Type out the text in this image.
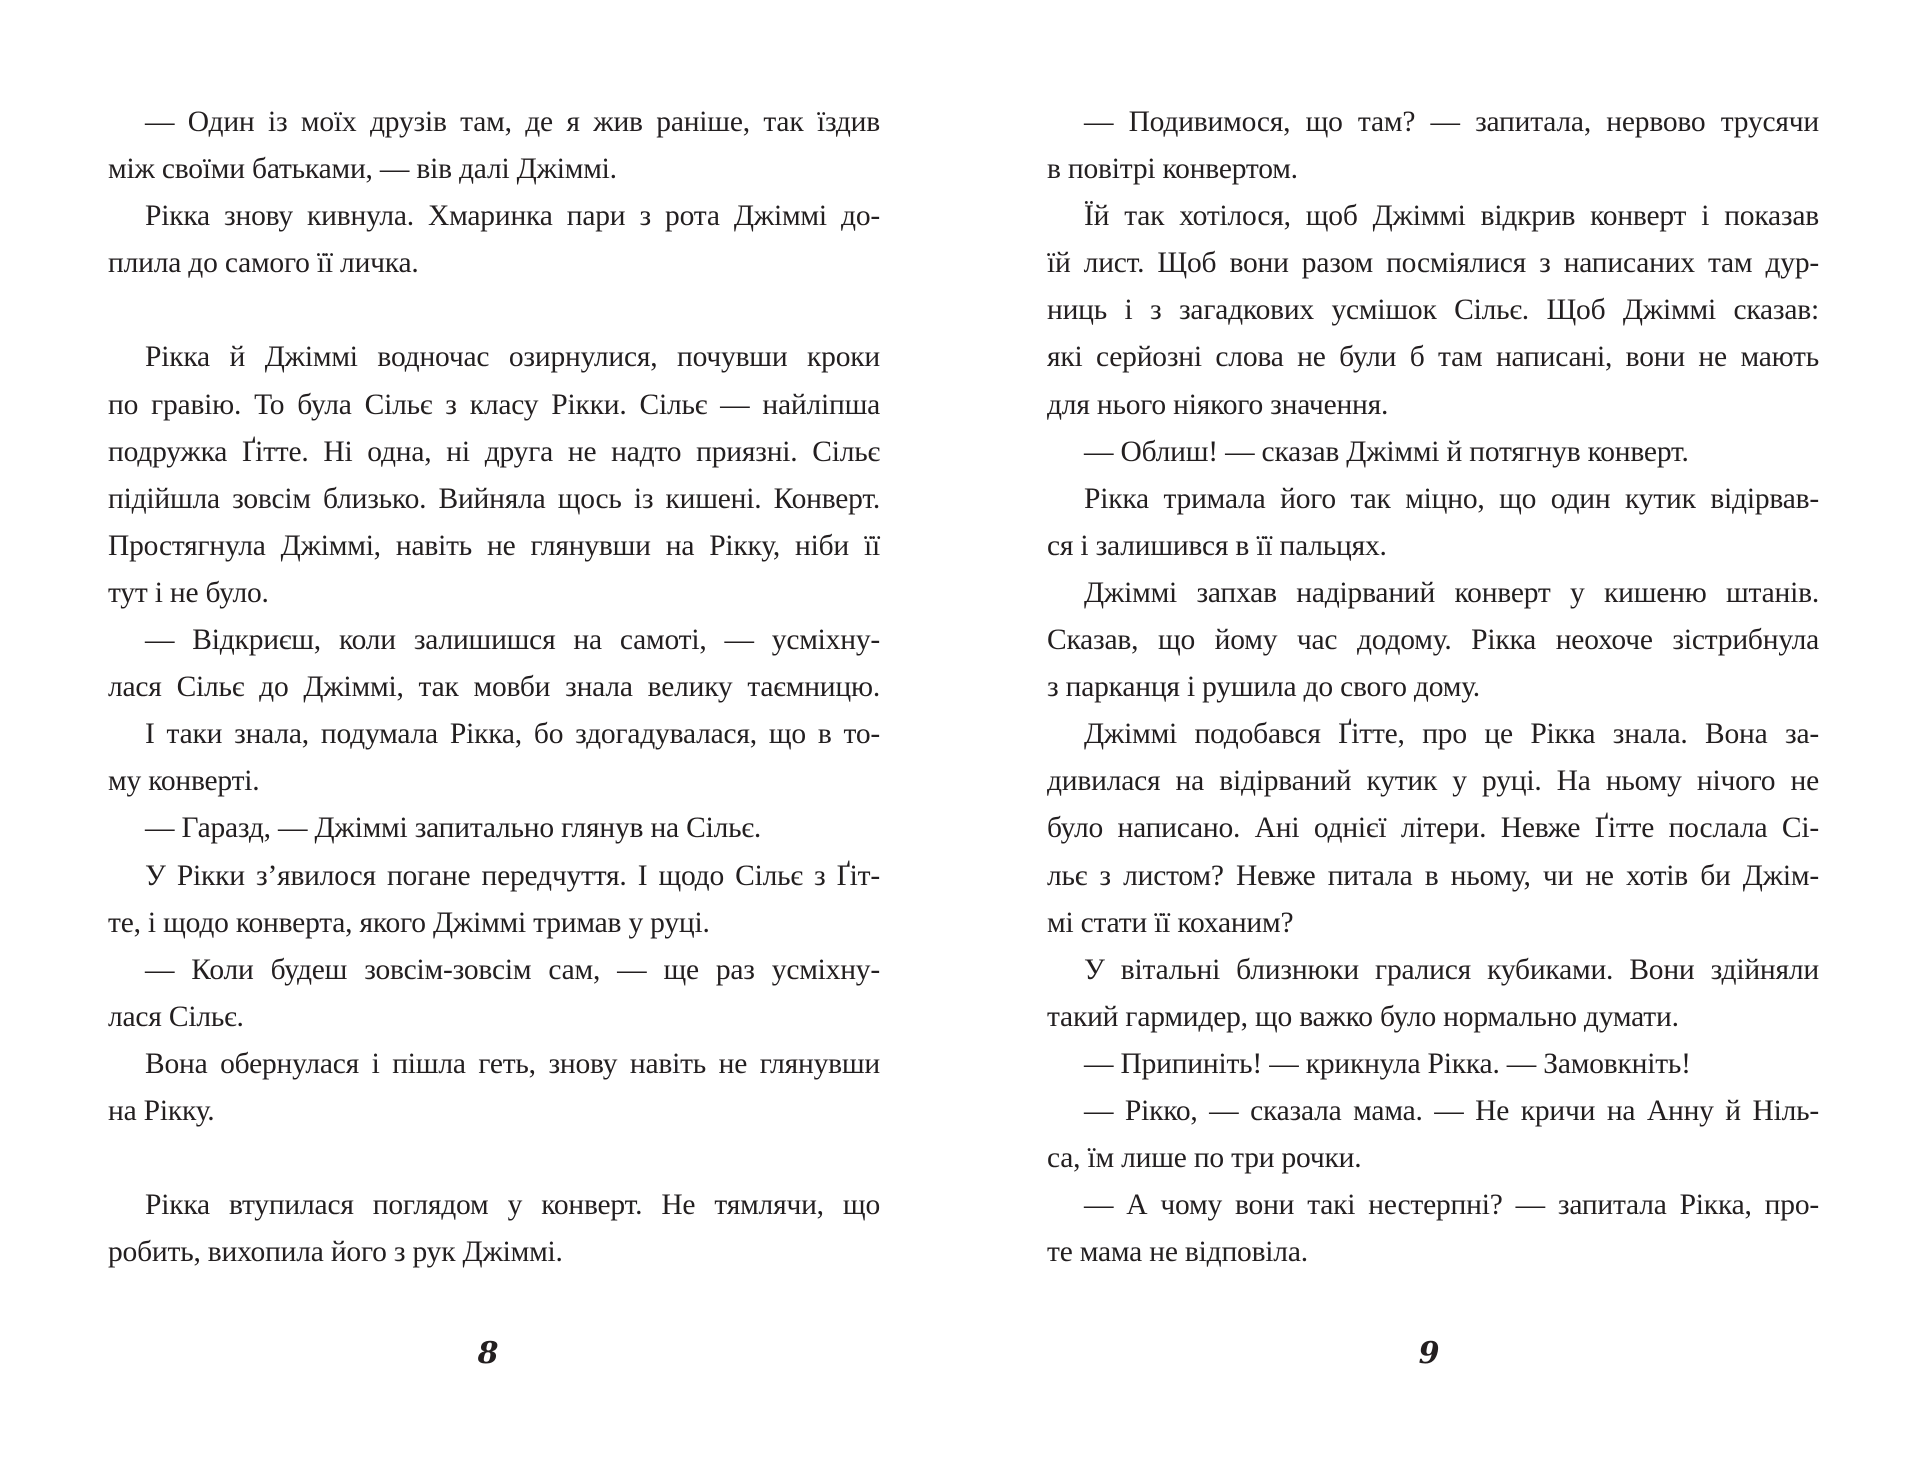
— Один із моїх друзів там, де я жив раніше, так їздив
між своїми батьками, — вів далі Джіммі.
Рікка знову кивнула. Хмаринка пари з рота Джіммі до-
плила до самого її личка.
Рікка й Джіммі водночас озирнулися, почувши кроки
по гравію. То була Сільє з класу Рікки. Сільє — найліпша
подружка Ґітте. Ні одна, ні друга не надто приязні. Сільє
підійшла зовсім близько. Вийняла щось із кишені. Конверт.
Простягнула Джіммі, навіть не глянувши на Рікку, ніби її
тут і не було.
— Відкриєш, коли залишишся на самоті, — усміхну-
лася Сільє до Джіммі, так мовби знала велику таємницю.
І таки знала, подумала Рікка, бо здогадувалася, що в то-
му конверті.
— Гаразд, — Джіммі запитально глянув на Сільє.
У Рікки з’явилося погане передчуття. І щодо Сільє з Ґіт-
те, і щодо конверта, якого Джіммі тримав у руці.
— Коли будеш зовсім-зовсім сам, — ще раз усміхну-
лася Сільє.
Вона обернулася і пішла геть, знову навіть не глянувши
на Рікку.
Рікка втупилася поглядом у конверт. Не тямлячи, що
робить, вихопила його з рук Джіммі.
— Подивимося, що там? — запитала, нервово трусячи
в повітрі конвертом.
Їй так хотілося, щоб Джіммі відкрив конверт і показав
їй лист. Щоб вони разом посміялися з написаних там дур-
ниць і з загадкових усмішок Сільє. Щоб Джіммі сказав:
які серйозні слова не були б там написані, вони не мають
для нього ніякого значення.
— Облиш! — сказав Джіммі й потягнув конверт.
Рікка тримала його так міцно, що один кутик відірвав-
ся і залишився в її пальцях.
Джіммі запхав надірваний конверт у кишеню штанів.
Сказав, що йому час додому. Рікка неохоче зістрибнула
з парканця і рушила до свого дому.
Джіммі подобався Ґітте, про це Рікка знала. Вона за-
дивилася на відірваний кутик у руці. На ньому нічого не
було написано. Ані однієї літери. Невже Ґітте послала Сі-
льє з листом? Невже питала в ньому, чи не хотів би Джім-
мі стати її коханим?
У вітальні близнюки гралися кубиками. Вони здійняли
такий гармидер, що важко було нормально думати.
— Припиніть! — крикнула Рікка. — Замовкніть!
— Рікко, — сказала мама. — Не кричи на Анну й Ніль-
са, їм лише по три рочки.
— А чому вони такі нестерпні? — запитала Рікка, про-
те мама не відповіла.
8	9
